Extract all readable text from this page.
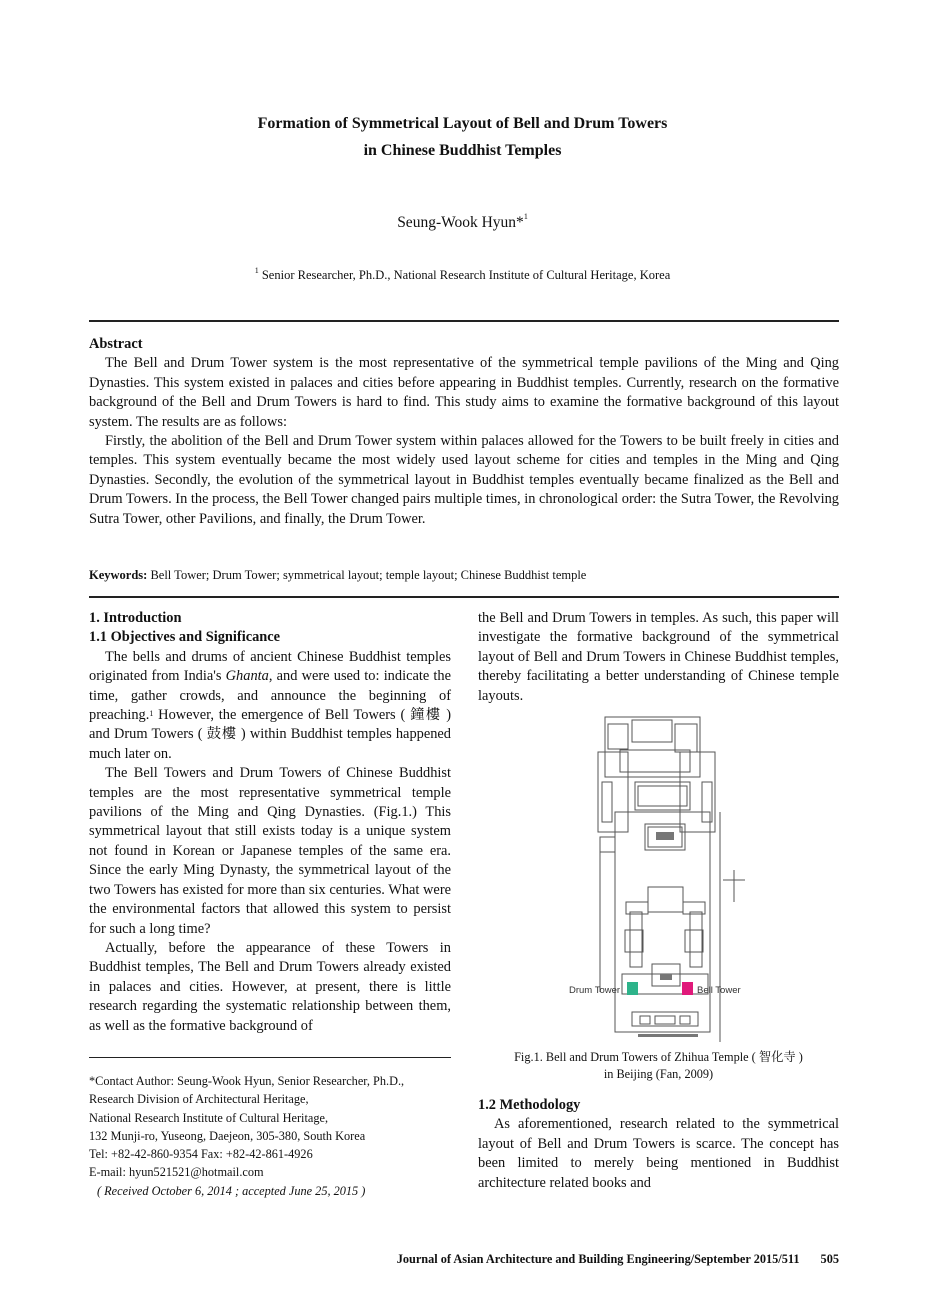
Formation of Symmetrical Layout of Bell and Drum Towers
in Chinese Buddhist Temples
Seung-Wook Hyun*$^1$
$^1$ Senior Researcher, Ph.D., National Research Institute of Cultural Heritage, Korea
Abstract

The Bell and Drum Tower system is the most representative of the symmetrical temple pavilions of the Ming and Qing Dynasties. This system existed in palaces and cities before appearing in Buddhist temples. Currently, research on the formative background of the Bell and Drum Towers is hard to find. This study aims to examine the formative background of this layout system. The results are as follows:

Firstly, the abolition of the Bell and Drum Tower system within palaces allowed for the Towers to be built freely in cities and temples. This system eventually became the most widely used layout scheme for cities and temples in the Ming and Qing Dynasties. Secondly, the evolution of the symmetrical layout in Buddhist temples eventually became finalized as the Bell and Drum Towers. In the process, the Bell Tower changed pairs multiple times, in chronological order: the Sutra Tower, the Revolving Sutra Tower, other Pavilions, and finally, the Drum Tower.

Keywords: Bell Tower; Drum Tower; symmetrical layout; temple layout; Chinese Buddhist temple
1. Introduction
1.1 Objectives and Significance

The bells and drums of ancient Chinese Buddhist temples originated from India's Ghanta, and were used to: indicate the time, gather crowds, and announce the beginning of preaching.$^1$ However, the emergence of Bell Towers ( 鐘樓 ) and Drum Towers ( 鼓樓 ) within Buddhist temples happened much later on.

The Bell Towers and Drum Towers of Chinese Buddhist temples are the most representative symmetrical temple pavilions of the Ming and Qing Dynasties. (Fig.1.) This symmetrical layout that still exists today is a unique system not found in Korean or Japanese temples of the same era. Since the early Ming Dynasty, the symmetrical layout of the two Towers has existed for more than six centuries. What were the environmental factors that allowed this system to persist for such a long time?

Actually, before the appearance of these Towers in Buddhist temples, The Bell and Drum Towers already existed in palaces and cities. However, at present, there is little research regarding the systematic relationship between them, as well as the formative background of

*Contact Author: Seung-Wook Hyun, Senior Researcher, Ph.D.,
Research Division of Architectural Heritage,
National Research Institute of Cultural Heritage,
132 Munji-ro, Yuseong, Daejeon, 305-380, South Korea
Tel: +82-42-860-9354 Fax: +82-42-861-4926
E-mail: hyun521521@hotmail.com
( Received October 6, 2014 ; accepted June 25, 2015 )

the Bell and Drum Towers in temples. As such, this paper will investigate the formative background of the symmetrical layout of Bell and Drum Towers in Chinese Buddhist temples, thereby facilitating a better understanding of Chinese temple layouts.

Drum Tower	Bell Tower
Fig.1. Bell and Drum Towers of Zhihua Temple ( 智化寺 )
in Beijing (Fan, 2009)
1.2 Methodology

As aforementioned, research related to the symmetrical layout of Bell and Drum Towers is scarce. The concept has been limited to merely being mentioned in Buddhist architecture related books and

Journal of Asian Architecture and Building Engineering/September 2015/511 505
